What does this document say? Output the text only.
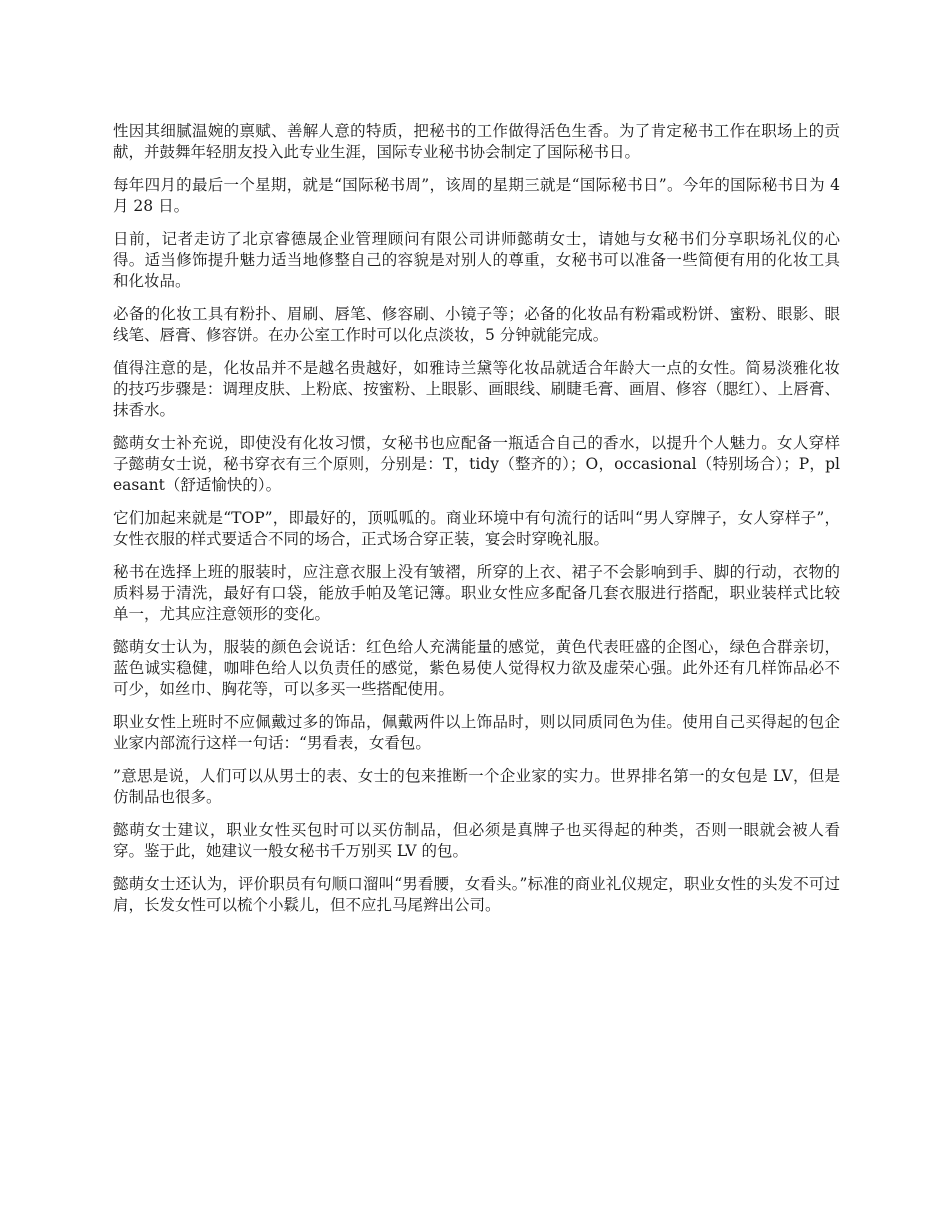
性因其细腻温婉的禀赋、善解人意的特质，把秘书的工作做得活色生香。为了肯定秘书工作在职场上的贡献，并鼓舞年轻朋友投入此专业生涯，国际专业秘书协会制定了国际秘书日。

每年四月的最后一个星期，就是“国际秘书周”，该周的星期三就是“国际秘书日”。今年的国际秘书日为 4 月 28 日。

日前，记者走访了北京睿德晟企业管理顾问有限公司讲师懿萌女士，请她与女秘书们分享职场礼仪的心得。适当修饰提升魅力适当地修整自己的容貌是对别人的尊重，女秘书可以准备一些简便有用的化妆工具和化妆品。

必备的化妆工具有粉扑、眉刷、唇笔、修容刷、小镜子等；必备的化妆品有粉霜或粉饼、蜜粉、眼影、眼线笔、唇膏、修容饼。在办公室工作时可以化点淡妆，5 分钟就能完成。

值得注意的是，化妆品并不是越名贵越好，如雅诗兰黛等化妆品就适合年龄大一点的女性。简易淡雅化妆的技巧步骤是：调理皮肤、上粉底、按蜜粉、上眼影、画眼线、刷睫毛膏、画眉、修容（腮红）、上唇膏、抹香水。

懿萌女士补充说，即使没有化妆习惯，女秘书也应配备一瓶适合自己的香水，以提升个人魅力。女人穿样子懿萌女士说，秘书穿衣有三个原则，分别是：T，tidy（整齐的）；O，occasional（特别场合）；P，pleasant（舒适愉快的）。

它们加起来就是“TOP”，即最好的，顶呱呱的。商业环境中有句流行的话叫“男人穿牌子，女人穿样子”，女性衣服的样式要适合不同的场合，正式场合穿正装，宴会时穿晚礼服。

秘书在选择上班的服装时，应注意衣服上没有皱褶，所穿的上衣、裙子不会影响到手、脚的行动，衣物的质料易于清洗，最好有口袋，能放手帕及笔记簿。职业女性应多配备几套衣服进行搭配，职业装样式比较单一，尤其应注意领形的变化。

懿萌女士认为，服装的颜色会说话：红色给人充满能量的感觉，黄色代表旺盛的企图心，绿色合群亲切，蓝色诚实稳健，咖啡色给人以负责任的感觉，紫色易使人觉得权力欲及虚荣心强。此外还有几样饰品必不可少，如丝巾、胸花等，可以多买一些搭配使用。

职业女性上班时不应佩戴过多的饰品，佩戴两件以上饰品时，则以同质同色为佳。使用自己买得起的包企业家内部流行这样一句话：“男看表，女看包。

”意思是说，人们可以从男士的表、女士的包来推断一个企业家的实力。世界排名第一的女包是 LV，但是仿制品也很多。

懿萌女士建议，职业女性买包时可以买仿制品，但必须是真牌子也买得起的种类，否则一眼就会被人看穿。鉴于此，她建议一般女秘书千万别买 LV 的包。

懿萌女士还认为，评价职员有句顺口溜叫“男看腰，女看头。”标准的商业礼仪规定，职业女性的头发不可过肩，长发女性可以梳个小鬏儿，但不应扎马尾辫出公司。
